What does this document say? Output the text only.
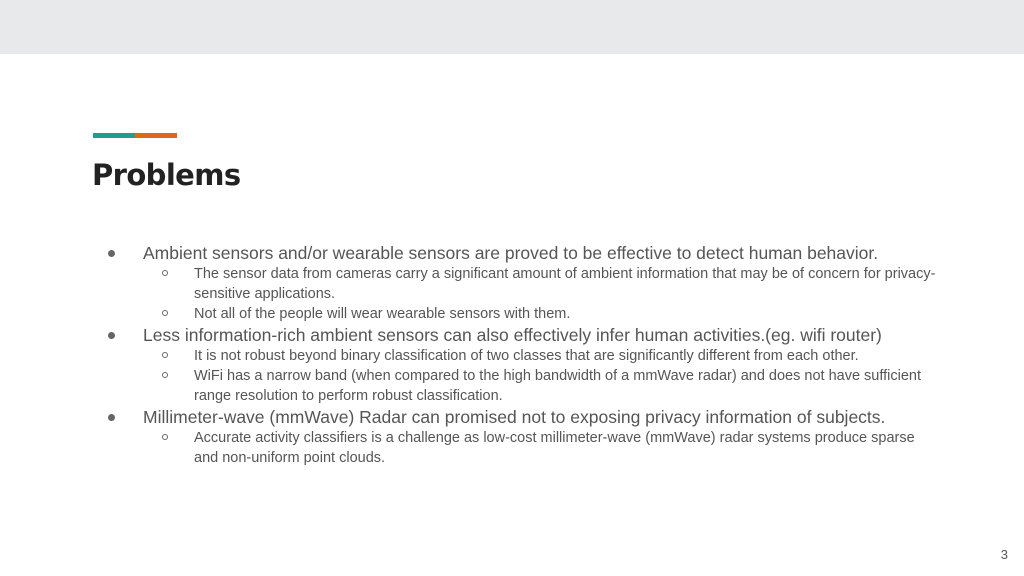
Problems
Ambient sensors and/or wearable sensors are proved to be effective to detect human behavior.
The sensor data from cameras carry a significant amount of ambient information that may be of concern for privacy-sensitive applications.
Not all of the people will wear wearable sensors with them.
Less information-rich ambient sensors can also effectively infer human activities.(eg. wifi router)
It is not robust beyond binary classification of two classes that are significantly different from each other.
WiFi has a narrow band (when compared to the high bandwidth of a mmWave radar) and does not have sufficient range resolution to perform robust classification.
Millimeter-wave (mmWave) Radar can promised not to exposing privacy information of subjects.
Accurate activity classifiers is a challenge as low-cost millimeter-wave (mmWave) radar systems produce sparse and non-uniform point clouds.
3
